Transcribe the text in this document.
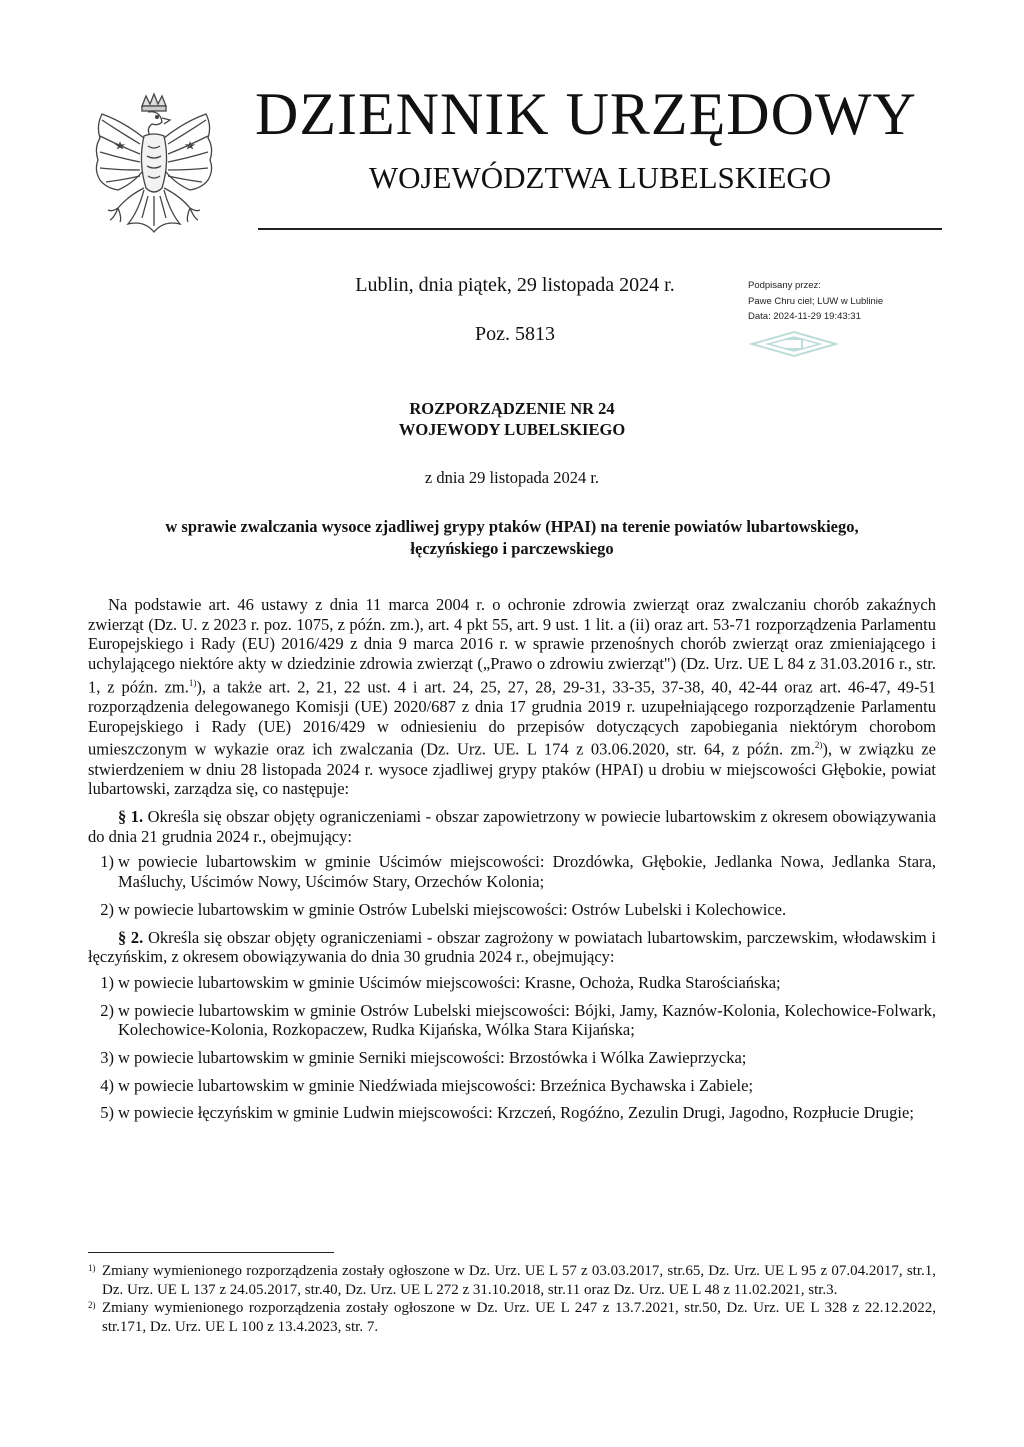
DZIENNIK URZĘDOWY
WOJEWÓDZTWA LUBELSKIEGO
Lublin, dnia piątek, 29 listopada 2024 r.
Poz. 5813
Podpisany przez:
Pawe Chru ciel; LUW w Lublinie
Data: 2024-11-29 19:43:31
ROZPORZĄDZENIE NR 24
WOJEWODY LUBELSKIEGO
z dnia 29 listopada 2024 r.
w sprawie zwalczania wysoce zjadliwej grypy ptaków (HPAI) na terenie powiatów lubartowskiego,
łęczyńskiego i parczewskiego

Na podstawie art. 46 ustawy z dnia 11 marca 2004 r. o ochronie zdrowia zwierząt oraz zwalczaniu chorób zakaźnych zwierząt (Dz. U. z 2023 r. poz. 1075, z późn. zm.), art. 4 pkt 55, art. 9 ust. 1 lit. a (ii) oraz art. 53-71 rozporządzenia Parlamentu Europejskiego i Rady (EU) 2016/429 z dnia 9 marca 2016 r. w sprawie przenośnych chorób zwierząt oraz zmieniającego i uchylającego niektóre akty w dziedzinie zdrowia zwierząt („Prawo o zdrowiu zwierząt") (Dz. Urz. UE L 84 z 31.03.2016 r., str. 1, z późn. zm.$^{1)}$), a także art. 2, 21, 22 ust. 4 i art. 24, 25, 27, 28, 29-31, 33-35, 37-38, 40, 42-44 oraz art. 46-47, 49-51 rozporządzenia delegowanego Komisji (UE) 2020/687 z dnia 17 grudnia 2019 r. uzupełniającego rozporządzenie Parlamentu Europejskiego i Rady (UE) 2016/429 w odniesieniu do przepisów dotyczących zapobiegania niektórym chorobom umieszczonym w wykazie oraz ich zwalczania (Dz. Urz. UE. L 174 z 03.06.2020, str. 64, z późn. zm.$^{2)}$), w związku ze stwierdzeniem w dniu 28 listopada 2024 r. wysoce zjadliwej grypy ptaków (HPAI) u drobiu w miejscowości Głębokie, powiat lubartowski, zarządza się, co następuje:

§ 1. Określa się obszar objęty ograniczeniami - obszar zapowietrzony w powiecie lubartowskim z okresem obowiązywania do dnia 21 grudnia 2024 r., obejmujący:

1) w powiecie lubartowskim w gminie Uścimów miejscowości: Drozdówka, Głębokie, Jedlanka Nowa, Jedlanka Stara, Maśluchy, Uścimów Nowy, Uścimów Stary, Orzechów Kolonia;
2) w powiecie lubartowskim w gminie Ostrów Lubelski miejscowości: Ostrów Lubelski i Kolechowice.

§ 2. Określa się obszar objęty ograniczeniami - obszar zagrożony w powiatach lubartowskim, parczewskim, włodawskim i łęczyńskim, z okresem obowiązywania do dnia 30 grudnia 2024 r., obejmujący:

1) w powiecie lubartowskim w gminie Uścimów miejscowości: Krasne, Ochoża, Rudka Starościańska;
2) w powiecie lubartowskim w gminie Ostrów Lubelski miejscowości: Bójki, Jamy, Kaznów-Kolonia, Kolechowice-Folwark, Kolechowice-Kolonia, Rozkopaczew, Rudka Kijańska, Wólka Stara Kijańska;
3) w powiecie lubartowskim w gminie Serniki miejscowości: Brzostówka i Wólka Zawieprzycka;
4) w powiecie lubartowskim w gminie Niedźwiada miejscowości: Brzeźnica Bychawska i Zabiele;
5) w powiecie łęczyńskim w gminie Ludwin miejscowości: Krzczeń, Rogóźno, Zezulin Drugi, Jagodno, Rozpłucie Drugie;
1) Zmiany wymienionego rozporządzenia zostały ogłoszone w Dz. Urz. UE L 57 z 03.03.2017, str.65, Dz. Urz. UE L 95 z 07.04.2017, str.1, Dz. Urz. UE L 137 z 24.05.2017, str.40, Dz. Urz. UE L 272 z 31.10.2018, str.11 oraz Dz. Urz. UE L 48 z 11.02.2021, str.3.
2) Zmiany wymienionego rozporządzenia zostały ogłoszone w Dz. Urz. UE L 247 z 13.7.2021, str.50, Dz. Urz. UE L 328 z 22.12.2022, str.171, Dz. Urz. UE L 100 z 13.4.2023, str. 7.
